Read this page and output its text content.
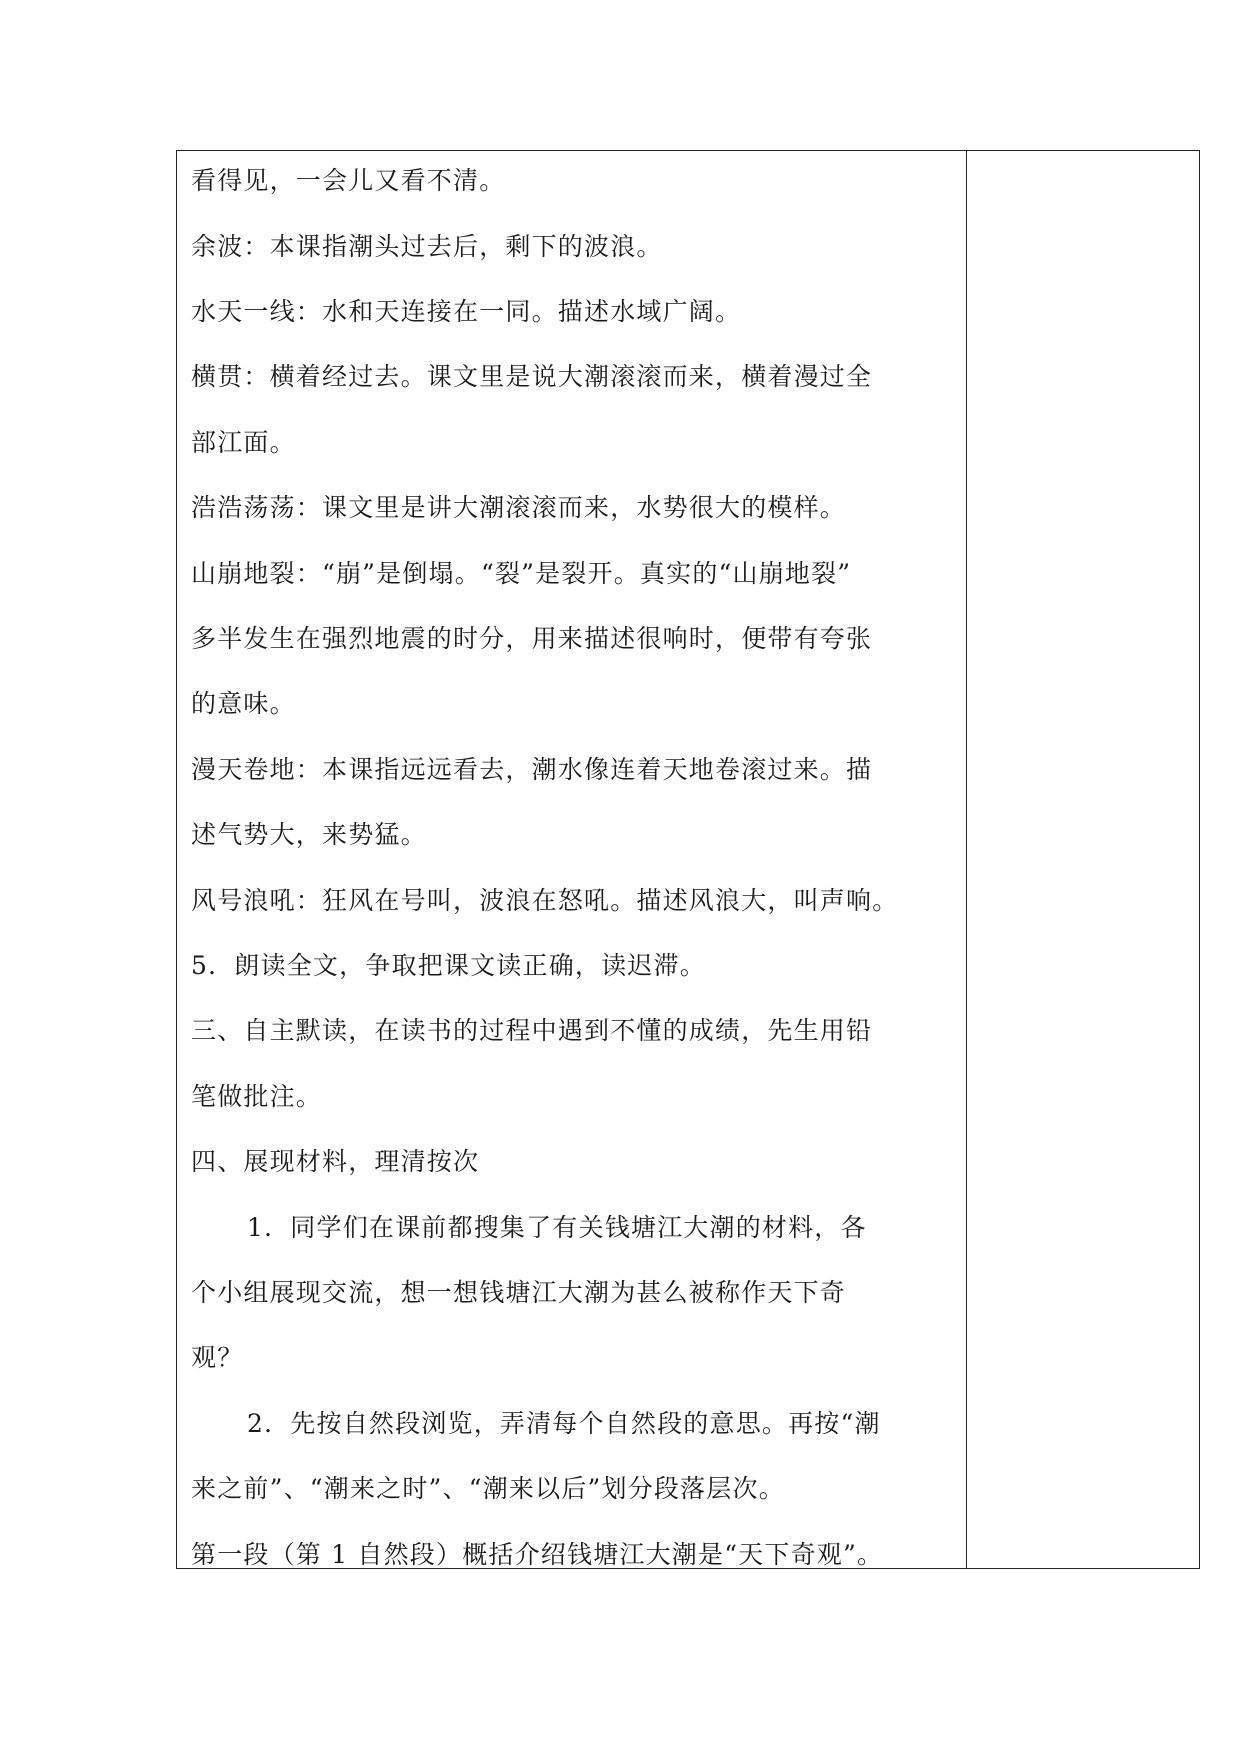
看得见，一会儿又看不清。
余波：本课指潮头过去后，剩下的波浪。
水天一线：水和天连接在一同。描述水域广阔。
横贯：横着经过去。课文里是说大潮滚滚而来，横着漫过全
部江面。
浩浩荡荡：课文里是讲大潮滚滚而来，水势很大的模样。
山崩地裂：“崩”是倒塌。“裂”是裂开。真实的“山崩地裂”
多半发生在强烈地震的时分，用来描述很响时，便带有夸张
的意味。
漫天卷地：本课指远远看去，潮水像连着天地卷滚过来。描
述气势大，来势猛。
风号浪吼：狂风在号叫，波浪在怒吼。描述风浪大，叫声响。
5．朗读全文，争取把课文读正确，读迟滞。
三、自主默读，在读书的过程中遇到不懂的成绩，先生用铅
笔做批注。
四、展现材料，理清按次
1．同学们在课前都搜集了有关钱塘江大潮的材料，各
个小组展现交流，想一想钱塘江大潮为甚么被称作天下奇
观？
2．先按自然段浏览，弄清每个自然段的意思。再按“潮
来之前”、“潮来之时”、“潮来以后”划分段落层次。
第一段（第 1 自然段）概括介绍钱塘江大潮是“天下奇观”。
